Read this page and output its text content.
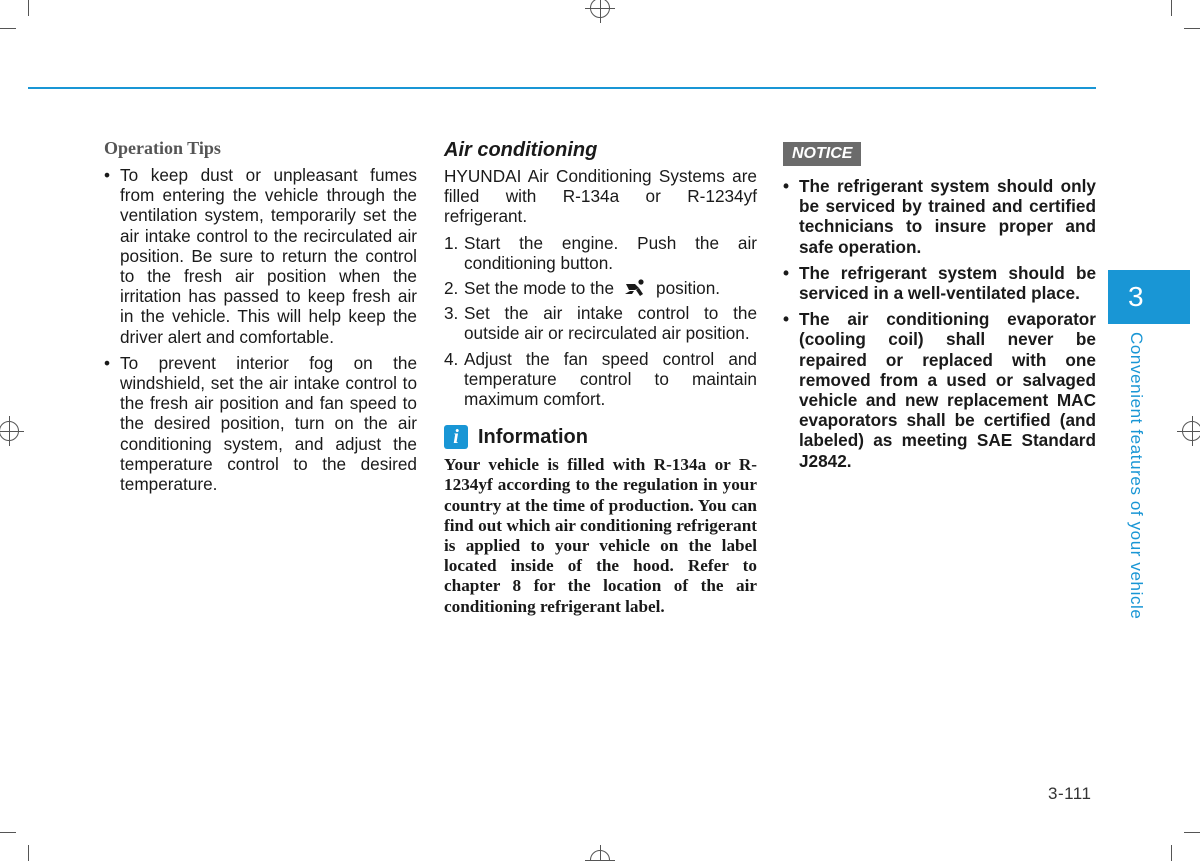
Operation Tips
• To keep dust or unpleasant fumes from entering the vehicle through the ventilation system, temporarily set the air intake control to the recirculated air position. Be sure to return the control to the fresh air position when the irritation has passed to keep fresh air in the vehicle. This will help keep the driver alert and comfortable.
• To prevent interior fog on the windshield, set the air intake control to the fresh air position and fan speed to the desired position, turn on the air conditioning system, and adjust the temperature control to the desired temperature.
Air conditioning
HYUNDAI Air Conditioning Systems are filled with R-134a or R-1234yf refrigerant.
1. Start the engine. Push the air conditioning button.
2. Set the mode to the position.
3. Set the air intake control to the outside air or recirculated air position.
4. Adjust the fan speed control and temperature control to maintain maximum comfort.
i Information
Your vehicle is filled with R-134a or R-1234yf according to the regulation in your country at the time of production. You can find out which air conditioning refrigerant is applied to your vehicle on the label located inside of the hood. Refer to chapter 8 for the location of the air conditioning refrigerant label.
NOTICE
• The refrigerant system should only be serviced by trained and certified technicians to insure proper and safe operation.
• The refrigerant system should be serviced in a well-ventilated place.
• The air conditioning evaporator (cooling coil) shall never be repaired or replaced with one removed from a used or salvaged vehicle and new replacement MAC evaporators shall be certified (and labeled) as meeting SAE Standard J2842.
3
Convenient features of your vehicle
3-111
